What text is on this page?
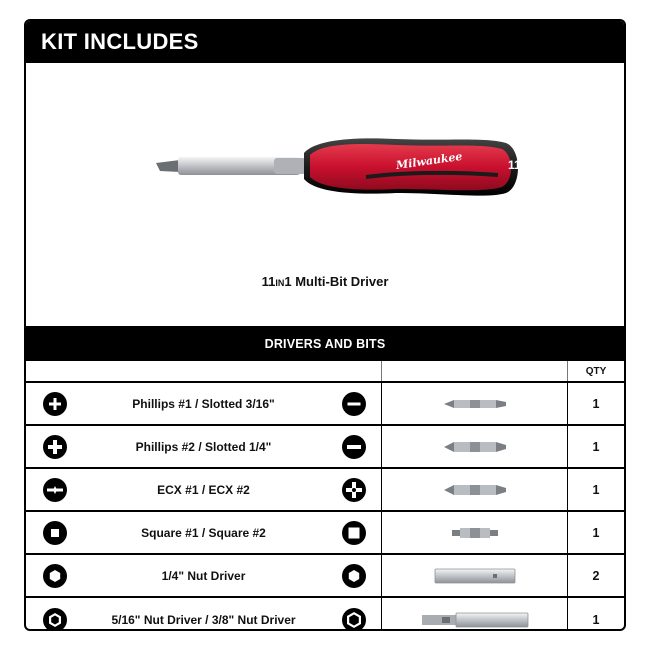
KIT INCLUDES
Milwaukee	11
11IN1 Multi-Bit Driver
DRIVERS AND BITS
QTY
Phillips #1 / Slotted 3/16"	1
Phillips #2 / Slotted 1/4"	1
ECX #1 / ECX #2	1
Square #1 / Square #2	1
1/4" Nut Driver	2
5/16" Nut Driver / 3/8" Nut Driver	1
